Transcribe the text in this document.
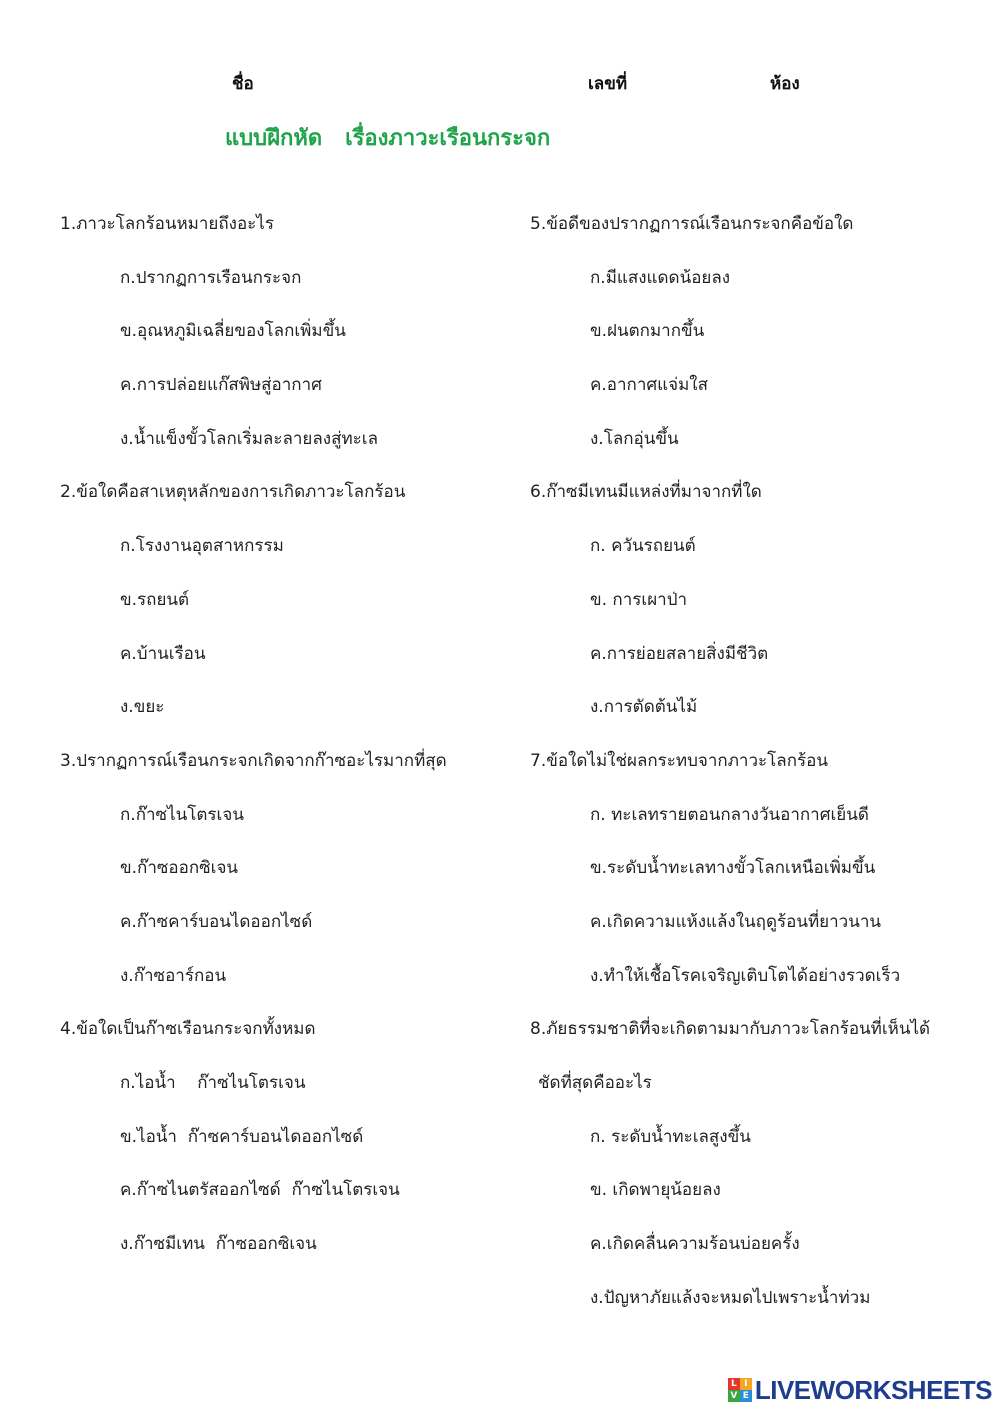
ชื่อ	เลขที่	ห้อง
แบบฝึกหัด   เรื่องภาวะเรือนกระจก
1.ภาวะโลกร้อนหมายถึงอะไร
ก.ปรากฏการเรือนกระจก
ข.อุณหภูมิเฉลี่ยของโลกเพิ่มขึ้น
ค.การปล่อยแก๊สพิษสู่อากาศ
ง.น้ำแข็งขั้วโลกเริ่มละลายลงสู่ทะเล
2.ข้อใดคือสาเหตุหลักของการเกิดภาวะโลกร้อน
ก.โรงงานอุตสาหกรรม
ข.รถยนต์
ค.บ้านเรือน
ง.ขยะ
3.ปรากฏการณ์เรือนกระจกเกิดจากก๊าซอะไรมากที่สุด
ก.ก๊าซไนโตรเจน
ข.ก๊าซออกซิเจน
ค.ก๊าซคาร์บอนไดออกไซด์
ง.ก๊าซอาร์กอน
4.ข้อใดเป็นก๊าซเรือนกระจกทั้งหมด
ก.ไอน้ำ    ก๊าซไนโตรเจน
ข.ไอน้ำ  ก๊าซคาร์บอนไดออกไซด์
ค.ก๊าซไนตรัสออกไซด์  ก๊าซไนโตรเจน
ง.ก๊าซมีเทน  ก๊าซออกซิเจน
5.ข้อดีของปรากฏการณ์เรือนกระจกคือข้อใด
ก.มีแสงแดดน้อยลง
ข.ฝนตกมากขึ้น
ค.อากาศแจ่มใส
ง.โลกอุ่นขึ้น
6.ก๊าซมีเทนมีแหล่งที่มาจากที่ใด
ก. ควันรถยนต์
ข. การเผาป่า
ค.การย่อยสลายสิ่งมีชีวิต
ง.การตัดต้นไม้
7.ข้อใดไม่ใช่ผลกระทบจากภาวะโลกร้อน
ก. ทะเลทรายตอนกลางวันอากาศเย็นดี
ข.ระดับน้ำทะเลทางขั้วโลกเหนือเพิ่มขึ้น
ค.เกิดความแห้งแล้งในฤดูร้อนที่ยาวนาน
ง.ทำให้เชื้อโรคเจริญเติบโตได้อย่างรวดเร็ว
8.ภัยธรรมชาติที่จะเกิดตามมากับภาวะโลกร้อนที่เห็นได้
ชัดที่สุดคืออะไร
ก. ระดับน้ำทะเลสูงขึ้น
ข. เกิดพายุน้อยลง
ค.เกิดคลื่นความร้อนบ่อยครั้ง
ง.ปัญหาภัยแล้งจะหมดไปเพราะน้ำท่วม
L I
V E LIVEWORKSHEETS
